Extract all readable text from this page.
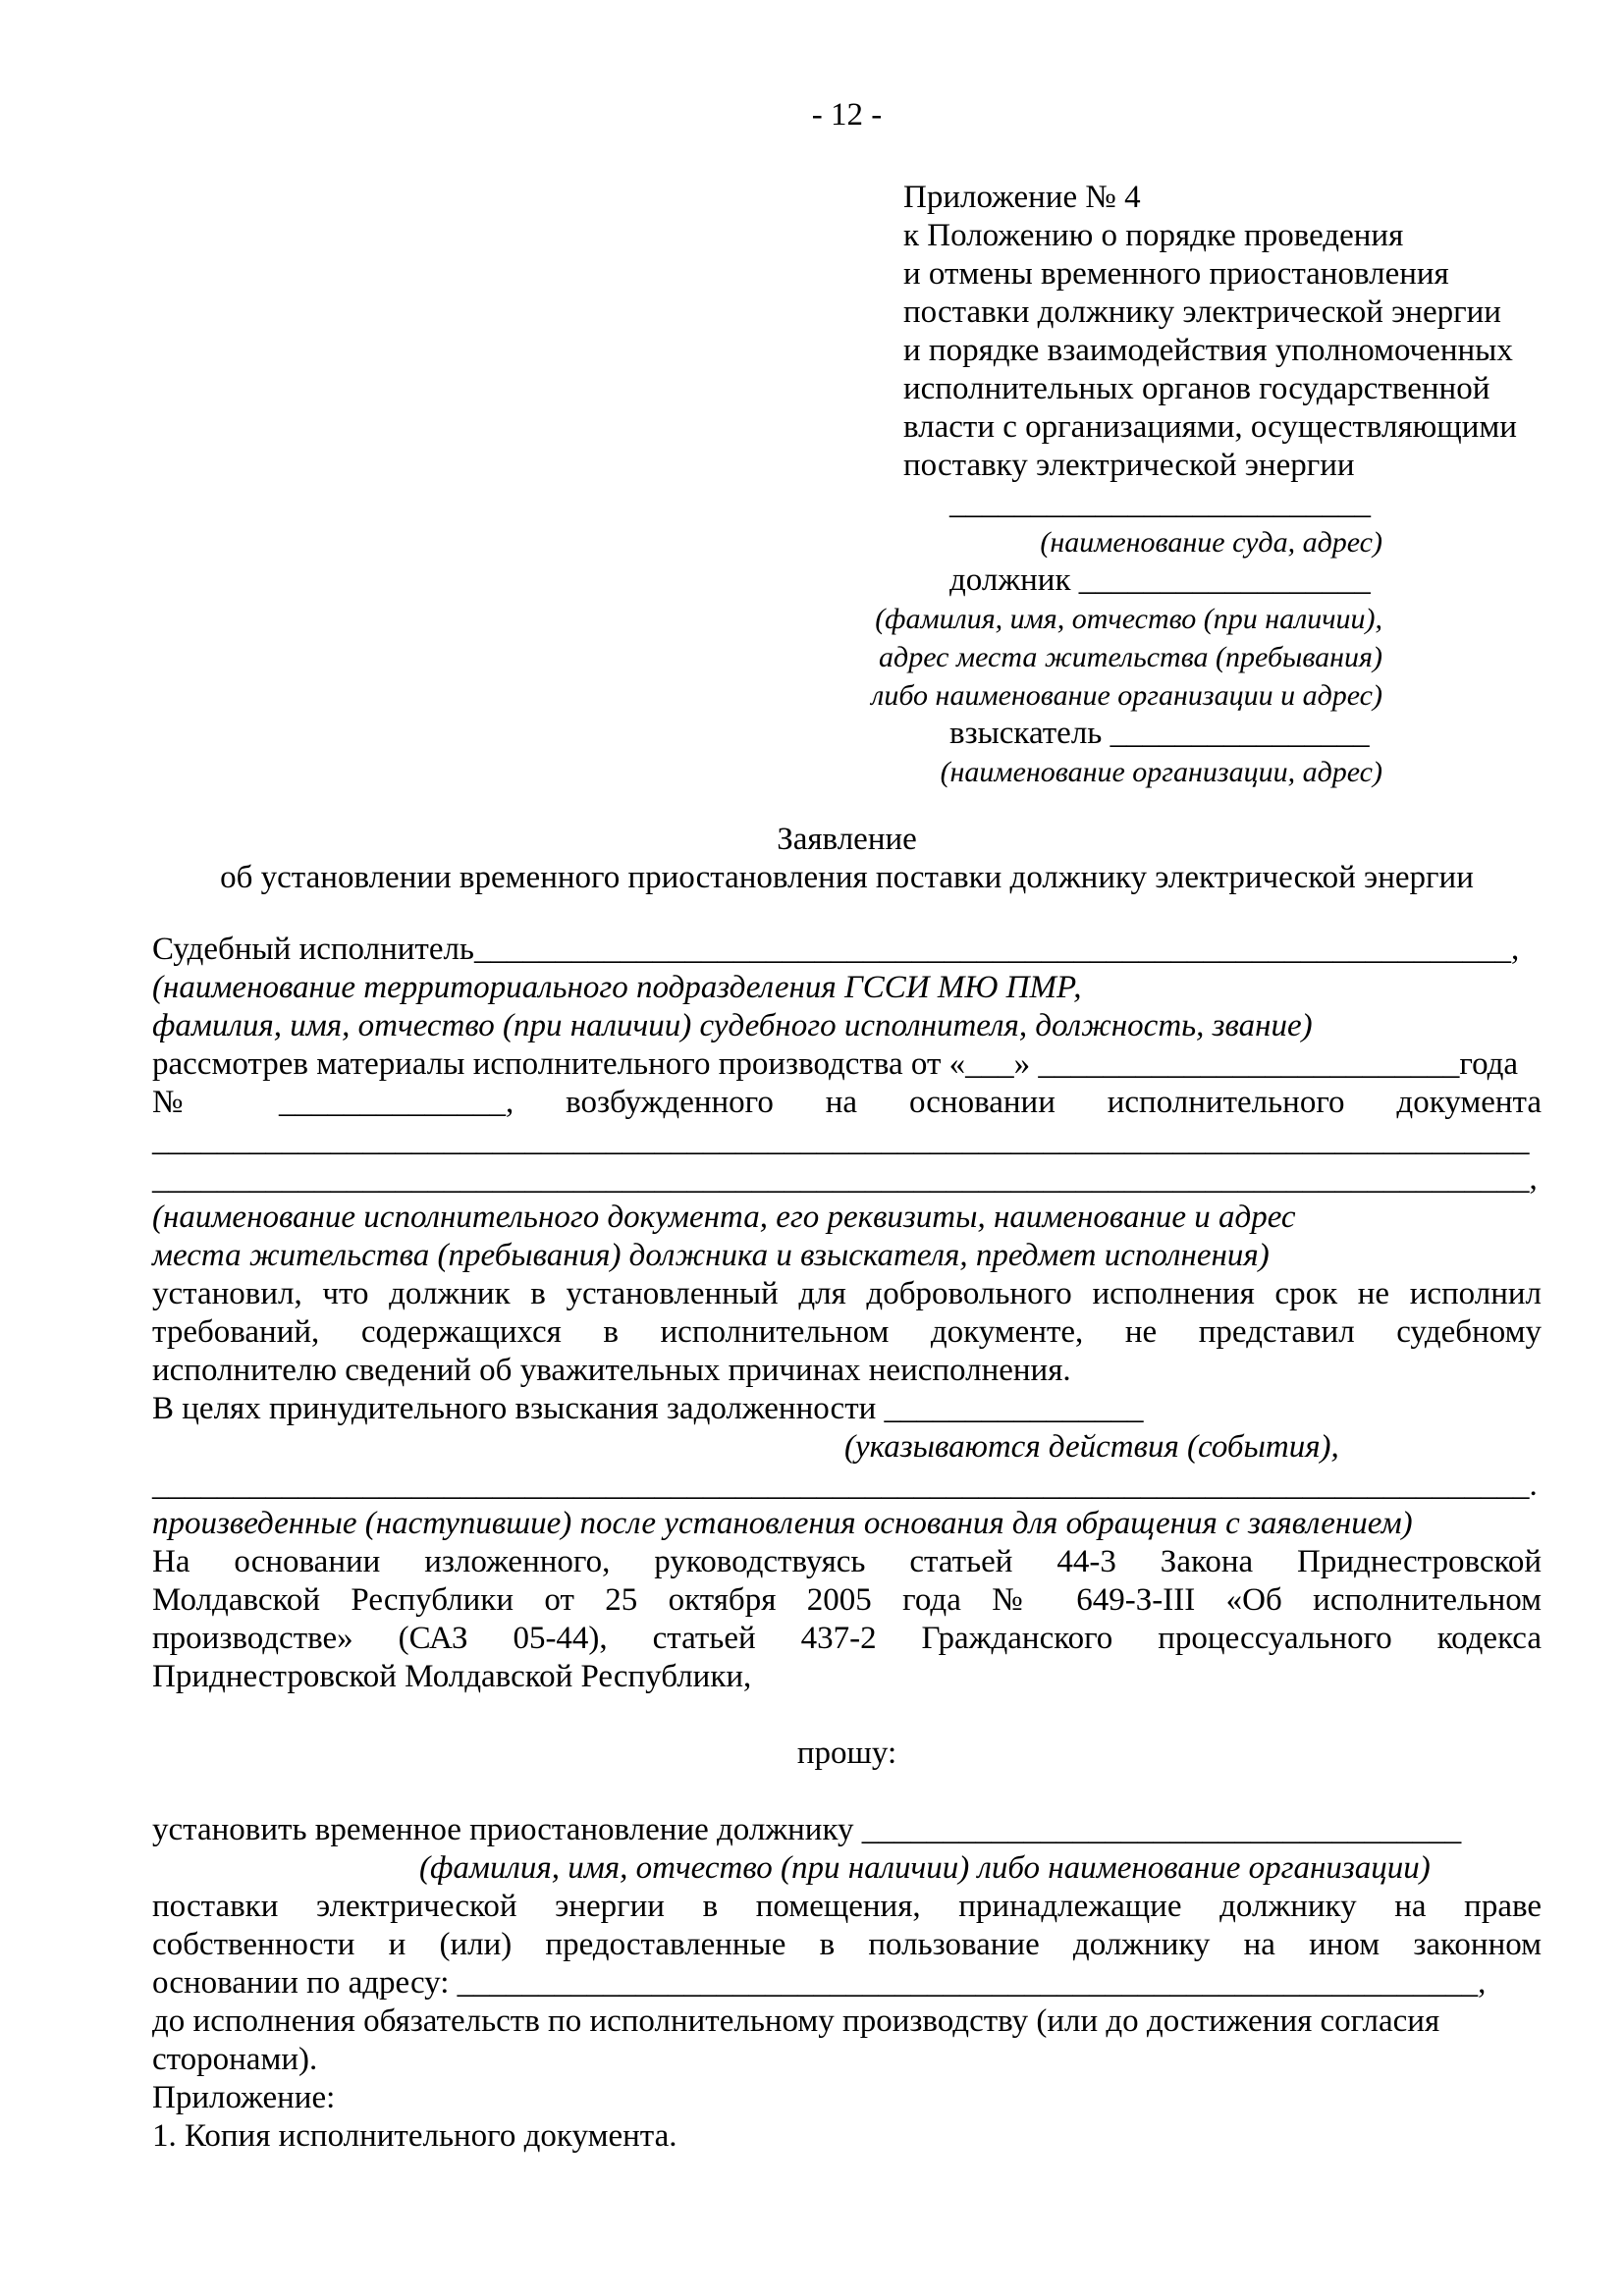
- 12 -
Приложение № 4
к Положению о порядке проведения
и отмены временного приостановления
поставки должнику электрической энергии
и порядке взаимодействия уполномоченных
исполнительных органов государственной
власти с организациями, осуществляющими
поставку электрической энергии
__________________________
(наименование суда, адрес)
должник __________________
(фамилия, имя, отчество (при наличии),
адрес места жительства (пребывания)
либо наименование организации и адрес)
взыскатель ________________
(наименование организации, адрес)
Заявление
об установлении временного приостановления поставки должнику электрической энергии
Судебный исполнитель________________________________________________________________,
(наименование территориального подразделения ГССИ МЮ ПМР,
фамилия, имя, отчество (при наличии) судебного исполнителя, должность, звание)
рассмотрев материалы исполнительного производства от «___» __________________________года
№ ______________, возбужденного на основании исполнительного документа
_____________________________________________________________________________________
_____________________________________________________________________________________,
(наименование исполнительного документа, его реквизиты, наименование и адрес
места жительства (пребывания) должника и взыскателя, предмет исполнения)
установил, что должник в установленный для добровольного исполнения срок не исполнил
требований, содержащихся в исполнительном документе, не представил судебному
исполнителю сведений об уважительных причинах неисполнения.
В целях принудительного взыскания задолженности ________________
(указываются действия (события),
_____________________________________________________________________________________.
произведенные (наступившие) после установления основания для обращения с заявлением)
На основании изложенного, руководствуясь статьей 44-3 Закона Приднестровской
Молдавской Республики от 25 октября 2005 года № 649-З-III «Об исполнительном
производстве» (САЗ 05-44), статьей 437-2 Гражданского процессуального кодекса
Приднестровской Молдавской Республики,
прошу:
установить временное приостановление должнику _____________________________________
(фамилия, имя, отчество (при наличии) либо наименование организации)
поставки электрической энергии в помещения, принадлежащие должнику на праве
собственности и (или) предоставленные в пользование должнику на ином законном
основании по адресу: _______________________________________________________________,
до исполнения обязательств по исполнительному производству (или до достижения согласия
сторонами).
Приложение:
1. Копия исполнительного документа.
